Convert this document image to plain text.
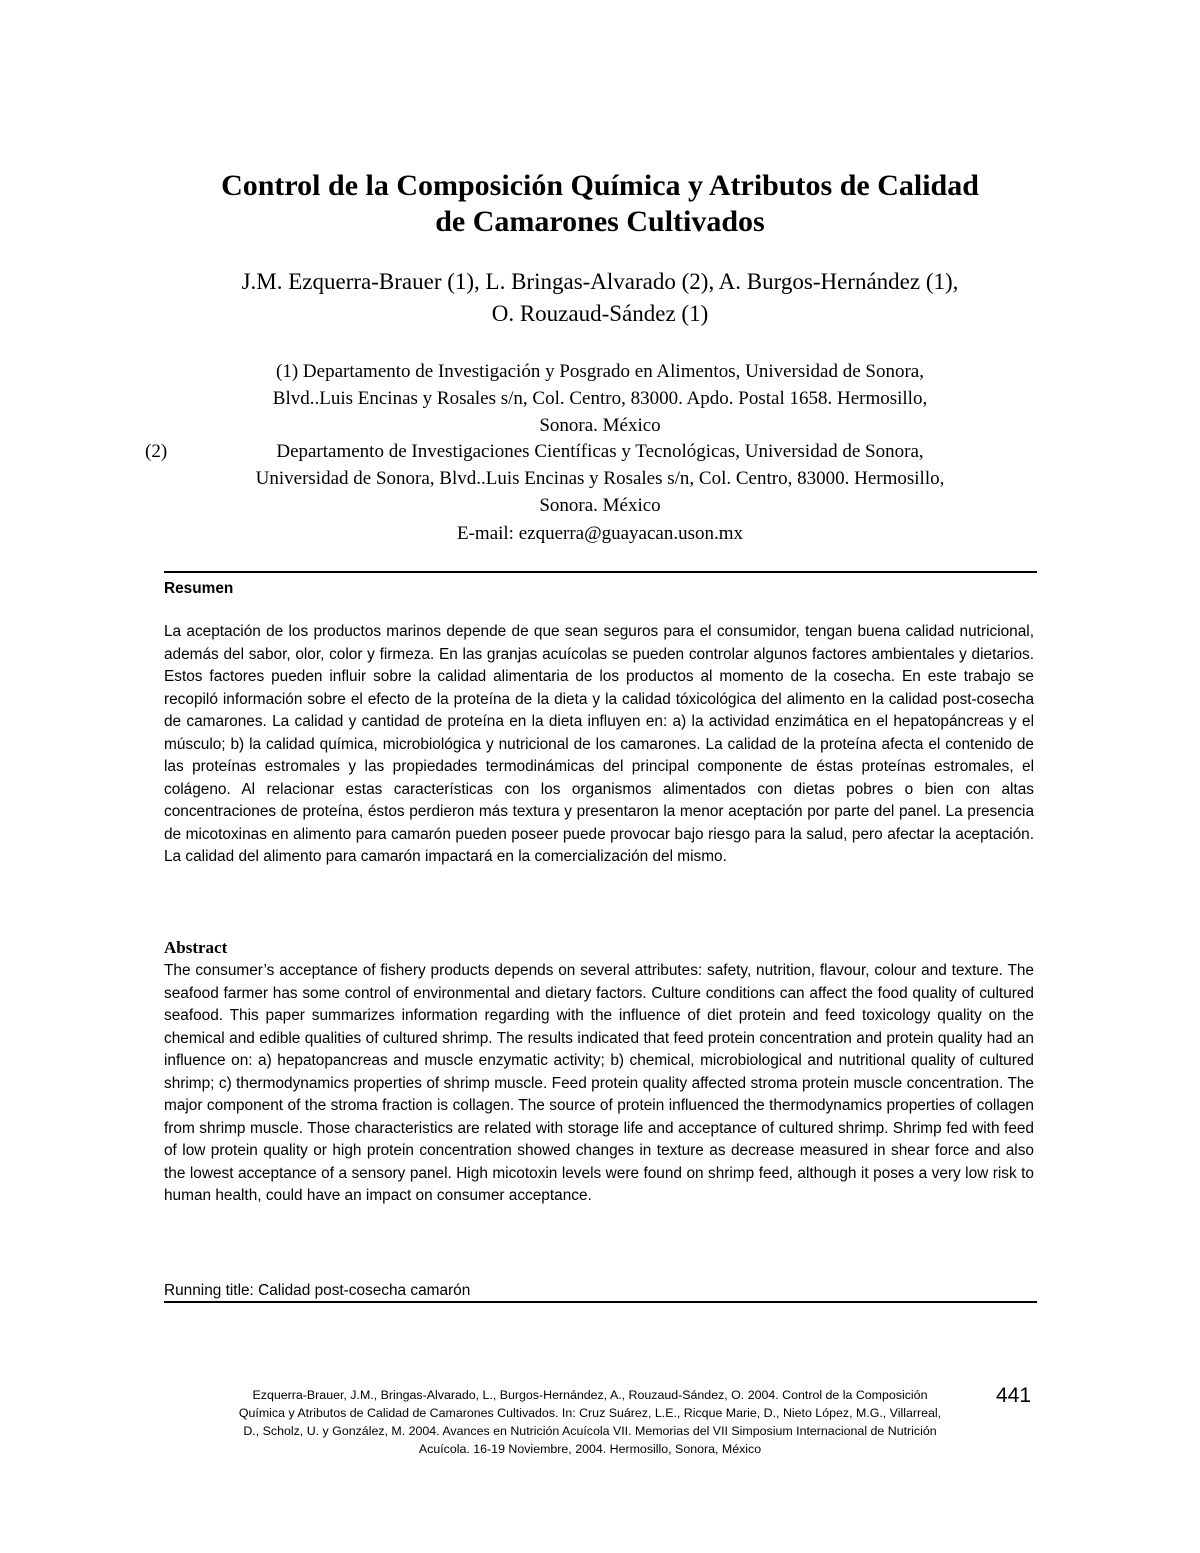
Control de la Composición Química y Atributos de Calidad
de Camarones Cultivados
J.M. Ezquerra-Brauer (1), L. Bringas-Alvarado (2), A. Burgos-Hernández (1),
O. Rouzaud-Sández (1)
(1) Departamento de Investigación y Posgrado en Alimentos, Universidad de Sonora,
Blvd..Luis Encinas y Rosales s/n, Col. Centro, 83000. Apdo. Postal 1658. Hermosillo,
Sonora. México
(2)	Departamento de Investigaciones Científicas y Tecnológicas, Universidad de Sonora,
Universidad de Sonora, Blvd..Luis Encinas y Rosales s/n, Col. Centro, 83000. Hermosillo,
Sonora. México
E-mail: ezquerra@guayacan.uson.mx
Resumen
La aceptación de los productos marinos depende de que sean seguros para el consumidor, tengan buena calidad nutricional, además del sabor, olor, color y firmeza. En las granjas acuícolas se pueden controlar algunos factores ambientales y dietarios. Estos factores pueden influir sobre la calidad alimentaria de los productos al momento de la cosecha. En este trabajo se recopiló información sobre el efecto de la proteína de la dieta y la calidad tóxicológica del alimento en la calidad post-cosecha de camarones. La calidad y cantidad de proteína en la dieta influyen en: a) la actividad enzimática en el hepatopáncreas y el músculo; b) la calidad química, microbiológica y nutricional de los camarones. La calidad de la proteína afecta el contenido de las proteínas estromales y las propiedades termodinámicas del principal componente de éstas proteínas estromales, el colágeno. Al relacionar estas características con los organismos alimentados con dietas pobres o bien con altas concentraciones de proteína, éstos perdieron más textura y presentaron la menor aceptación por parte del panel. La presencia de micotoxinas en alimento para camarón pueden poseer puede provocar bajo riesgo para la salud, pero afectar la aceptación. La calidad del alimento para camarón impactará en la comercialización del mismo.
Abstract
The consumer’s acceptance of fishery products depends on several attributes: safety, nutrition, flavour, colour and texture. The seafood farmer has some control of environmental and dietary factors. Culture conditions can affect the food quality of cultured seafood. This paper summarizes information regarding with the influence of diet protein and feed toxicology quality on the chemical and edible qualities of cultured shrimp. The results indicated that feed protein concentration and protein quality had an influence on: a) hepatopancreas and muscle enzymatic activity; b) chemical, microbiological and nutritional quality of cultured shrimp; c) thermodynamics properties of shrimp muscle. Feed protein quality affected stroma protein muscle concentration. The major component of the stroma fraction is collagen. The source of protein influenced the thermodynamics properties of collagen from shrimp muscle. Those characteristics are related with storage life and acceptance of cultured shrimp. Shrimp fed with feed of low protein quality or high protein concentration showed changes in texture as decrease measured in shear force and also the lowest acceptance of a sensory panel. High micotoxin levels were found on shrimp feed, although it poses a very low risk to human health, could have an impact on consumer acceptance.
Running title: Calidad post-cosecha camarón
Ezquerra-Brauer, J.M., Bringas-Alvarado, L., Burgos-Hernández, A., Rouzaud-Sández, O. 2004. Control de la Composición
Química y Atributos de Calidad de Camarones Cultivados. In: Cruz Suárez, L.E., Ricque Marie, D., Nieto López, M.G., Villarreal,
D., Scholz, U. y González, M. 2004. Avances en Nutrición Acuícola VII. Memorias del VII Simposium Internacional de Nutrición
Acuícola. 16-19 Noviembre, 2004. Hermosillo, Sonora, México
441
